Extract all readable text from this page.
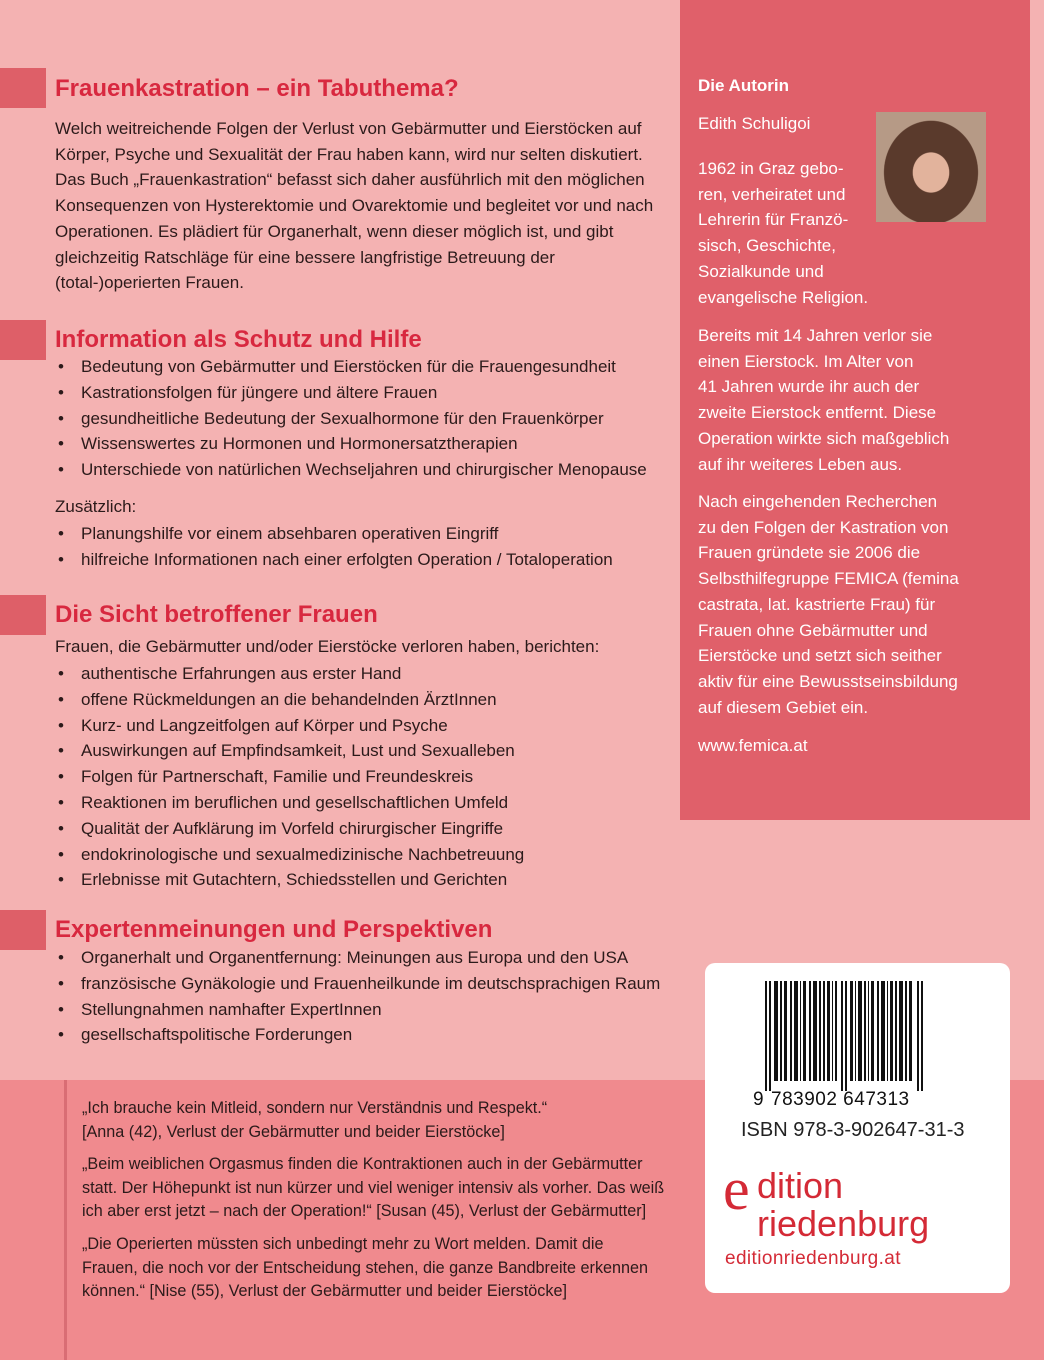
Frauenkastration – ein Tabuthema?

Welch weitreichende Folgen der Verlust von Gebärmutter und Eierstöcken auf Körper, Psyche und Sexualität der Frau haben kann, wird nur selten diskutiert. Das Buch „Frauenkastration“ befasst sich daher ausführlich mit den möglichen Konsequenzen von Hysterektomie und Ovarektomie und begleitet vor und nach Operationen. Es plädiert für Organerhalt, wenn dieser möglich ist, und gibt gleichzeitig Ratschläge für eine bessere langfristige Betreuung der (total-)operierten Frauen.

Information als Schutz und Hilfe
• Bedeutung von Gebärmutter und Eierstöcken für die Frauengesundheit
• Kastrationsfolgen für jüngere und ältere Frauen
• gesundheitliche Bedeutung der Sexualhormone für den Frauenkörper
• Wissenswertes zu Hormonen und Hormonersatztherapien
• Unterschiede von natürlichen Wechseljahren und chirurgischer Menopause

Zusätzlich:

• Planungshilfe vor einem absehbaren operativen Eingriff
• hilfreiche Informationen nach einer erfolgten Operation / Totaloperation
Die Sicht betroffener Frauen

Frauen, die Gebärmutter und/oder Eierstöcke verloren haben, berichten:

• authentische Erfahrungen aus erster Hand
• offene Rückmeldungen an die behandelnden ÄrztInnen
• Kurz- und Langzeitfolgen auf Körper und Psyche
• Auswirkungen auf Empfindsamkeit, Lust und Sexualleben
• Folgen für Partnerschaft, Familie und Freundeskreis
• Reaktionen im beruflichen und gesellschaftlichen Umfeld
• Qualität der Aufklärung im Vorfeld chirurgischer Eingriffe
• endokrinologische und sexualmedizinische Nachbetreuung
• Erlebnisse mit Gutachtern, Schiedsstellen und Gerichten
Expertenmeinungen und Perspektiven
• Organerhalt und Organentfernung: Meinungen aus Europa und den USA
• französische Gynäkologie und Frauenheilkunde im deutschsprachigen Raum
• Stellungnahmen namhafter ExpertInnen
• gesellschaftspolitische Forderungen

Die Autorin

Edith Schuligoi

1962 in Graz gebo-
ren, verheiratet und
Lehrerin für Franzö-
sisch, Geschichte,
Sozialkunde und
evangelische Religion.
Bereits mit 14 Jahren verlor sie
einen Eierstock. Im Alter von
41 Jahren wurde ihr auch der
zweite Eierstock entfernt. Diese
Operation wirkte sich maßgeblich
auf ihr weiteres Leben aus.
Nach eingehenden Recherchen
zu den Folgen der Kastration von
Frauen gründete sie 2006 die
Selbsthilfegruppe FEMICA (femina
castrata, lat. kastrierte Frau) für
Frauen ohne Gebärmutter und
Eierstöcke und setzt sich seither
aktiv für eine Bewusstseinsbildung
auf diesem Gebiet ein.

www.femica.at

„Ich brauche kein Mitleid, sondern nur Verständnis und Respekt.“
[Anna (42), Verlust der Gebärmutter und beider Eierstöcke]
„Beim weiblichen Orgasmus finden die Kontraktionen auch in der Gebärmutter
statt. Der Höhepunkt ist nun kürzer und viel weniger intensiv als vorher. Das weiß
ich aber erst jetzt – nach der Operation!“ [Susan (45), Verlust der Gebärmutter]
„Die Operierten müssten sich unbedingt mehr zu Wort melden. Damit die
Frauen, die noch vor der Entscheidung stehen, die ganze Bandbreite erkennen
können.“ [Nise (55), Verlust der Gebärmutter und beider Eierstöcke]
9 783902 647313
ISBN 978-3-902647-31-3
e dition
riedenburg
editionriedenburg.at
